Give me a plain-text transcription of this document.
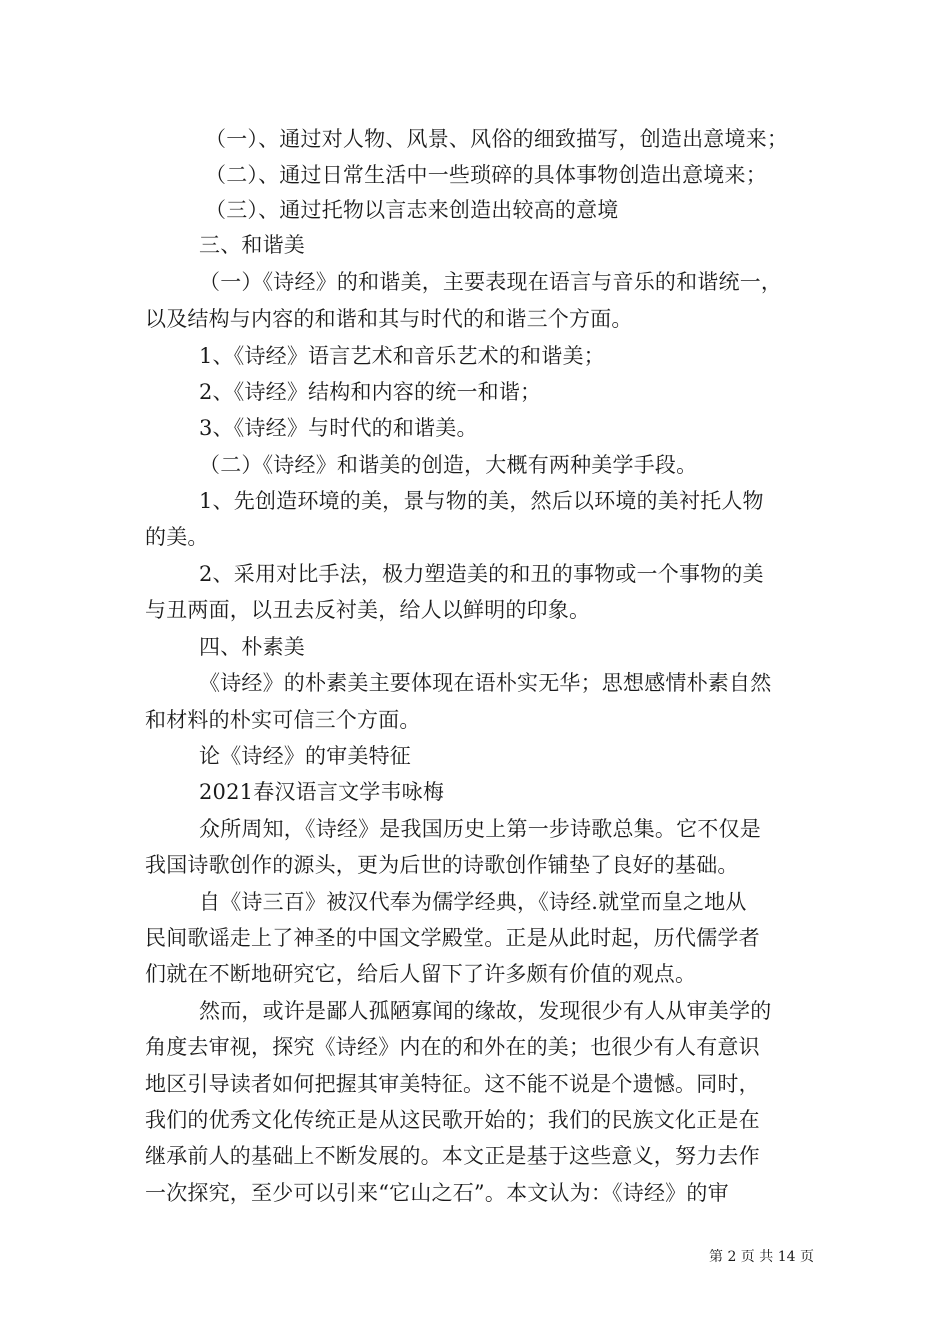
（一）、通过对人物、风景、风俗的细致描写，创造出意境来；
（二）、通过日常生活中一些琐碎的具体事物创造出意境来；
（三）、通过托物以言志来创造出较高的意境
三、和谐美
（一）《诗经》的和谐美，主要表现在语言与音乐的和谐统一，
以及结构与内容的和谐和其与时代的和谐三个方面。
1、《诗经》语言艺术和音乐艺术的和谐美；
2、《诗经》结构和内容的统一和谐；
3、《诗经》与时代的和谐美。
（二）《诗经》和谐美的创造，大概有两种美学手段。
1、先创造环境的美，景与物的美，然后以环境的美衬托人物
的美。
2、采用对比手法，极力塑造美的和丑的事物或一个事物的美
与丑两面，以丑去反衬美，给人以鲜明的印象。
四、朴素美
《诗经》的朴素美主要体现在语朴实无华；思想感情朴素自然
和材料的朴实可信三个方面。
论《诗经》的审美特征
2021春汉语言文学韦咏梅
众所周知，《诗经》是我国历史上第一步诗歌总集。它不仅是
我国诗歌创作的源头，更为后世的诗歌创作铺垫了良好的基础。
自《诗三百》被汉代奉为儒学经典，《诗经.就堂而皇之地从
民间歌谣走上了神圣的中国文学殿堂。正是从此时起，历代儒学者
们就在不断地研究它，给后人留下了许多颇有价值的观点。
然而，或许是鄙人孤陋寡闻的缘故，发现很少有人从审美学的
角度去审视，探究《诗经》内在的和外在的美；也很少有人有意识
地区引导读者如何把握其审美特征。这不能不说是个遗憾。同时，
我们的优秀文化传统正是从这民歌开始的；我们的民族文化正是在
继承前人的基础上不断发展的。本文正是基于这些意义，努力去作
一次探究，至少可以引来“它山之石”。本文认为：《诗经》的审
第 2 页 共 14 页
